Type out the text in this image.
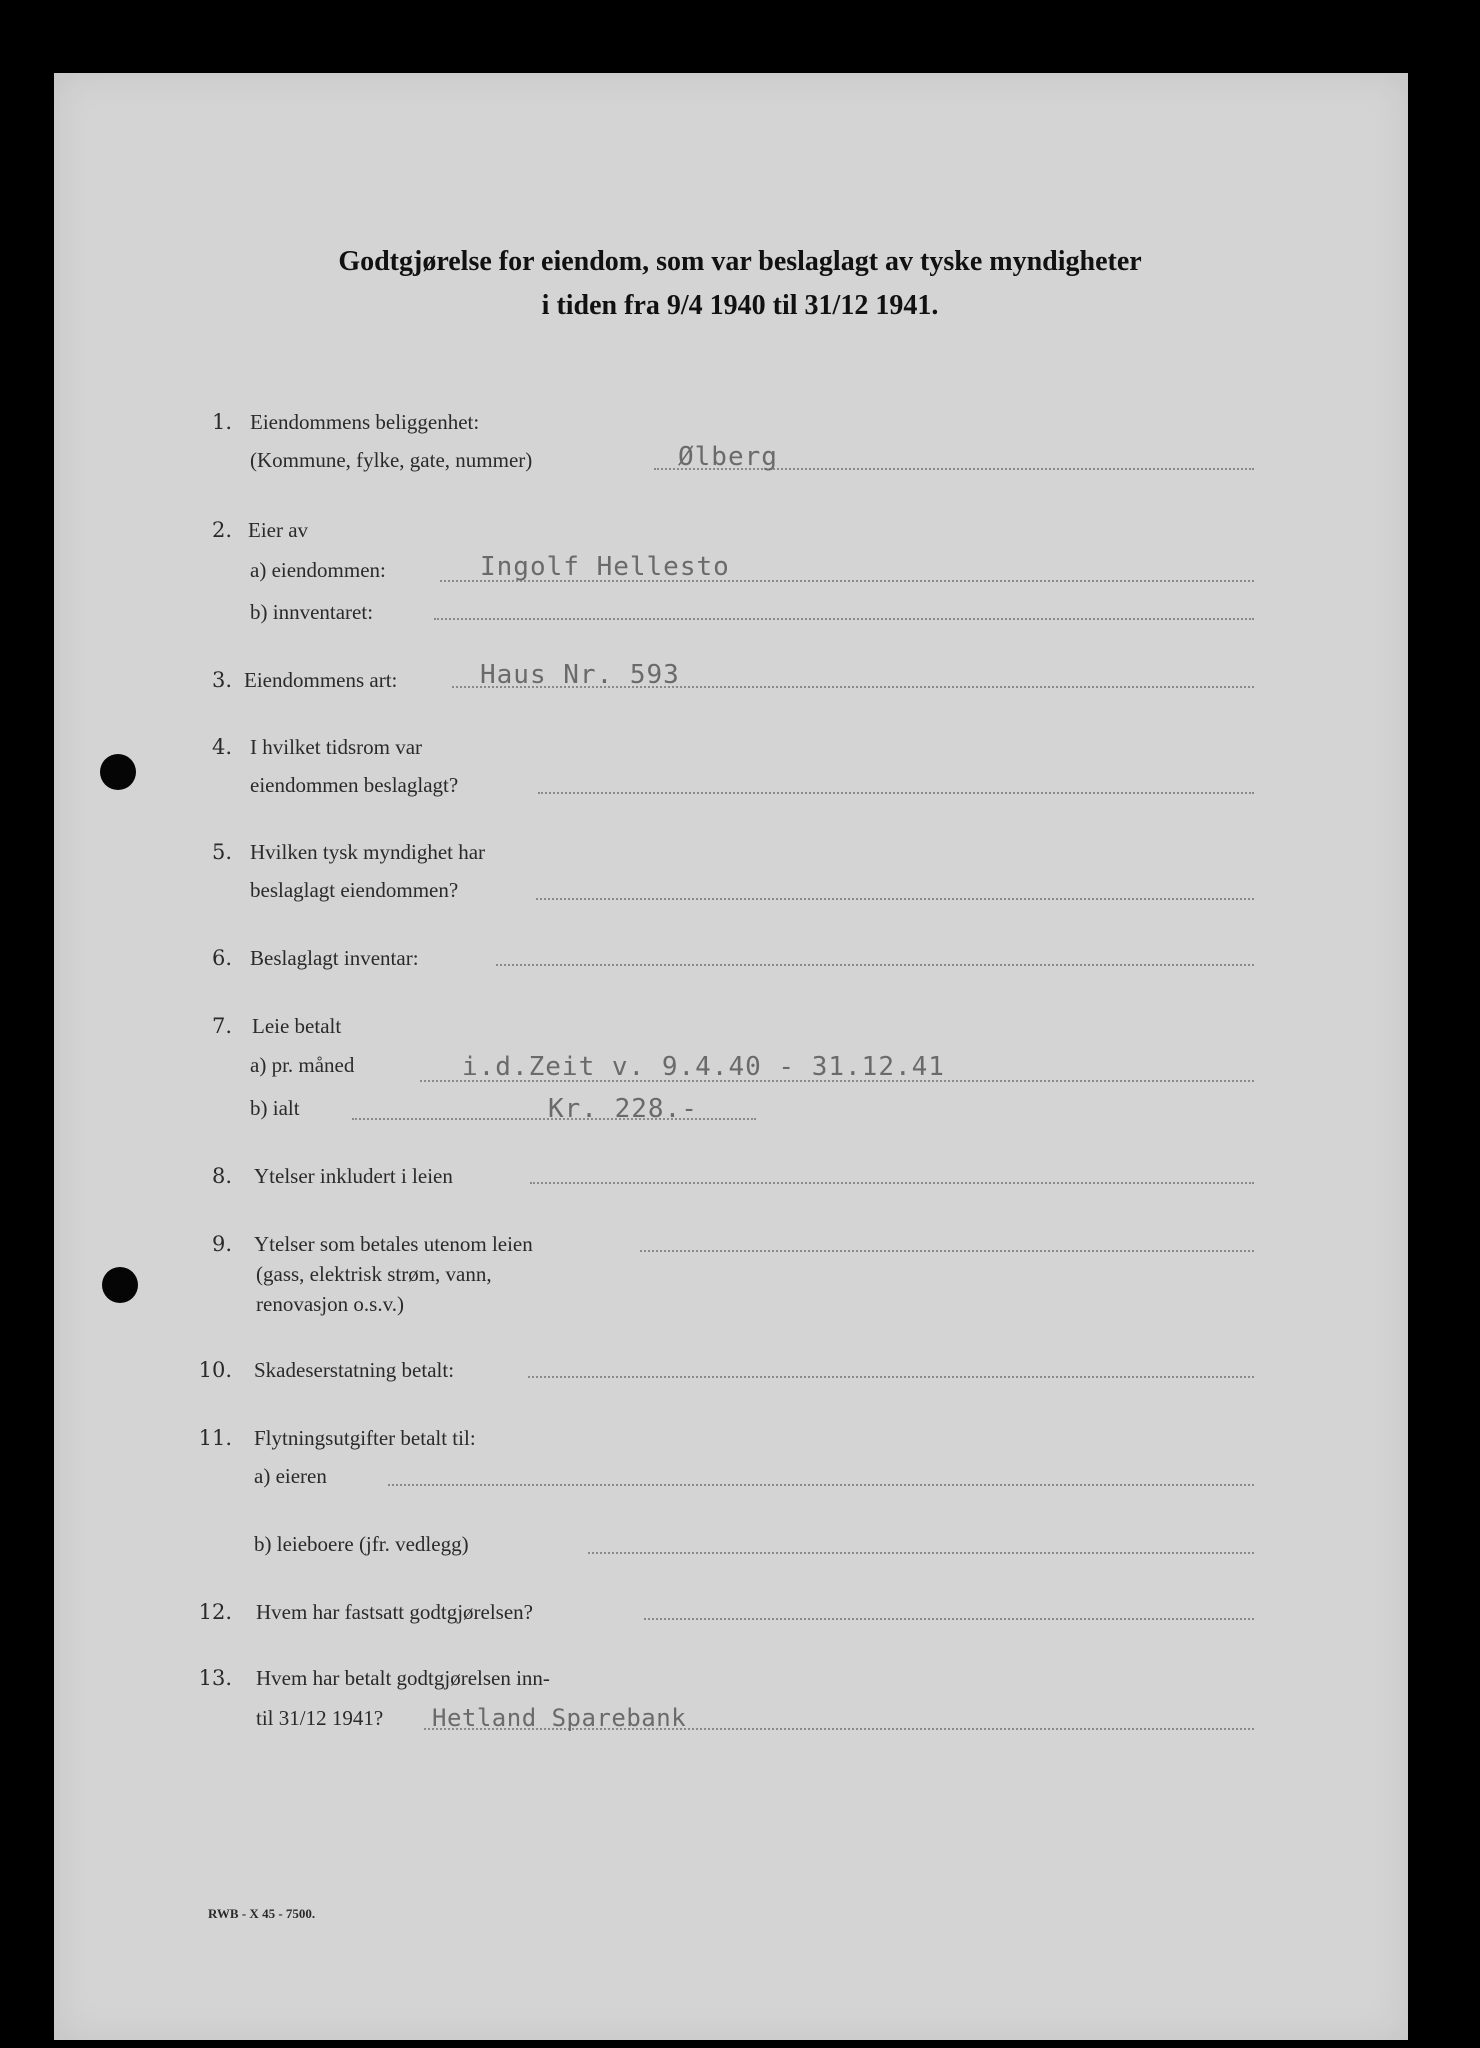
Godtgjørelse for eiendom, som var beslaglagt av tyske myndigheter
i tiden fra 9/4 1940 til 31/12 1941.
1. Eiendommens beliggenhet:
(Kommune, fylke, gate, nummer)	Ølberg
2. Eier av
a) eiendommen:	Ingolf Hellesto
b) innventaret:
3. Eiendommens art:	Haus Nr. 593
4. I hvilket tidsrom var
eiendommen beslaglagt?
5. Hvilken tysk myndighet har
beslaglagt eiendommen?
6. Beslaglagt inventar:
7. Leie betalt
a) pr. måned	i.d.Zeit v. 9.4.40 - 31.12.41
b) ialt	Kr. 228.-
8. Ytelser inkludert i leien
9. Ytelser som betales utenom leien
(gass, elektrisk strøm, vann,
renovasjon o.s.v.)
10. Skadeserstatning betalt:
11. Flytningsutgifter betalt til:
a) eieren
b) leieboere (jfr. vedlegg)
12. Hvem har fastsatt godtgjørelsen?
13. Hvem har betalt godtgjørelsen inn-
til 31/12 1941? Hetland Sparebank
RWB - X 45 - 7500.
